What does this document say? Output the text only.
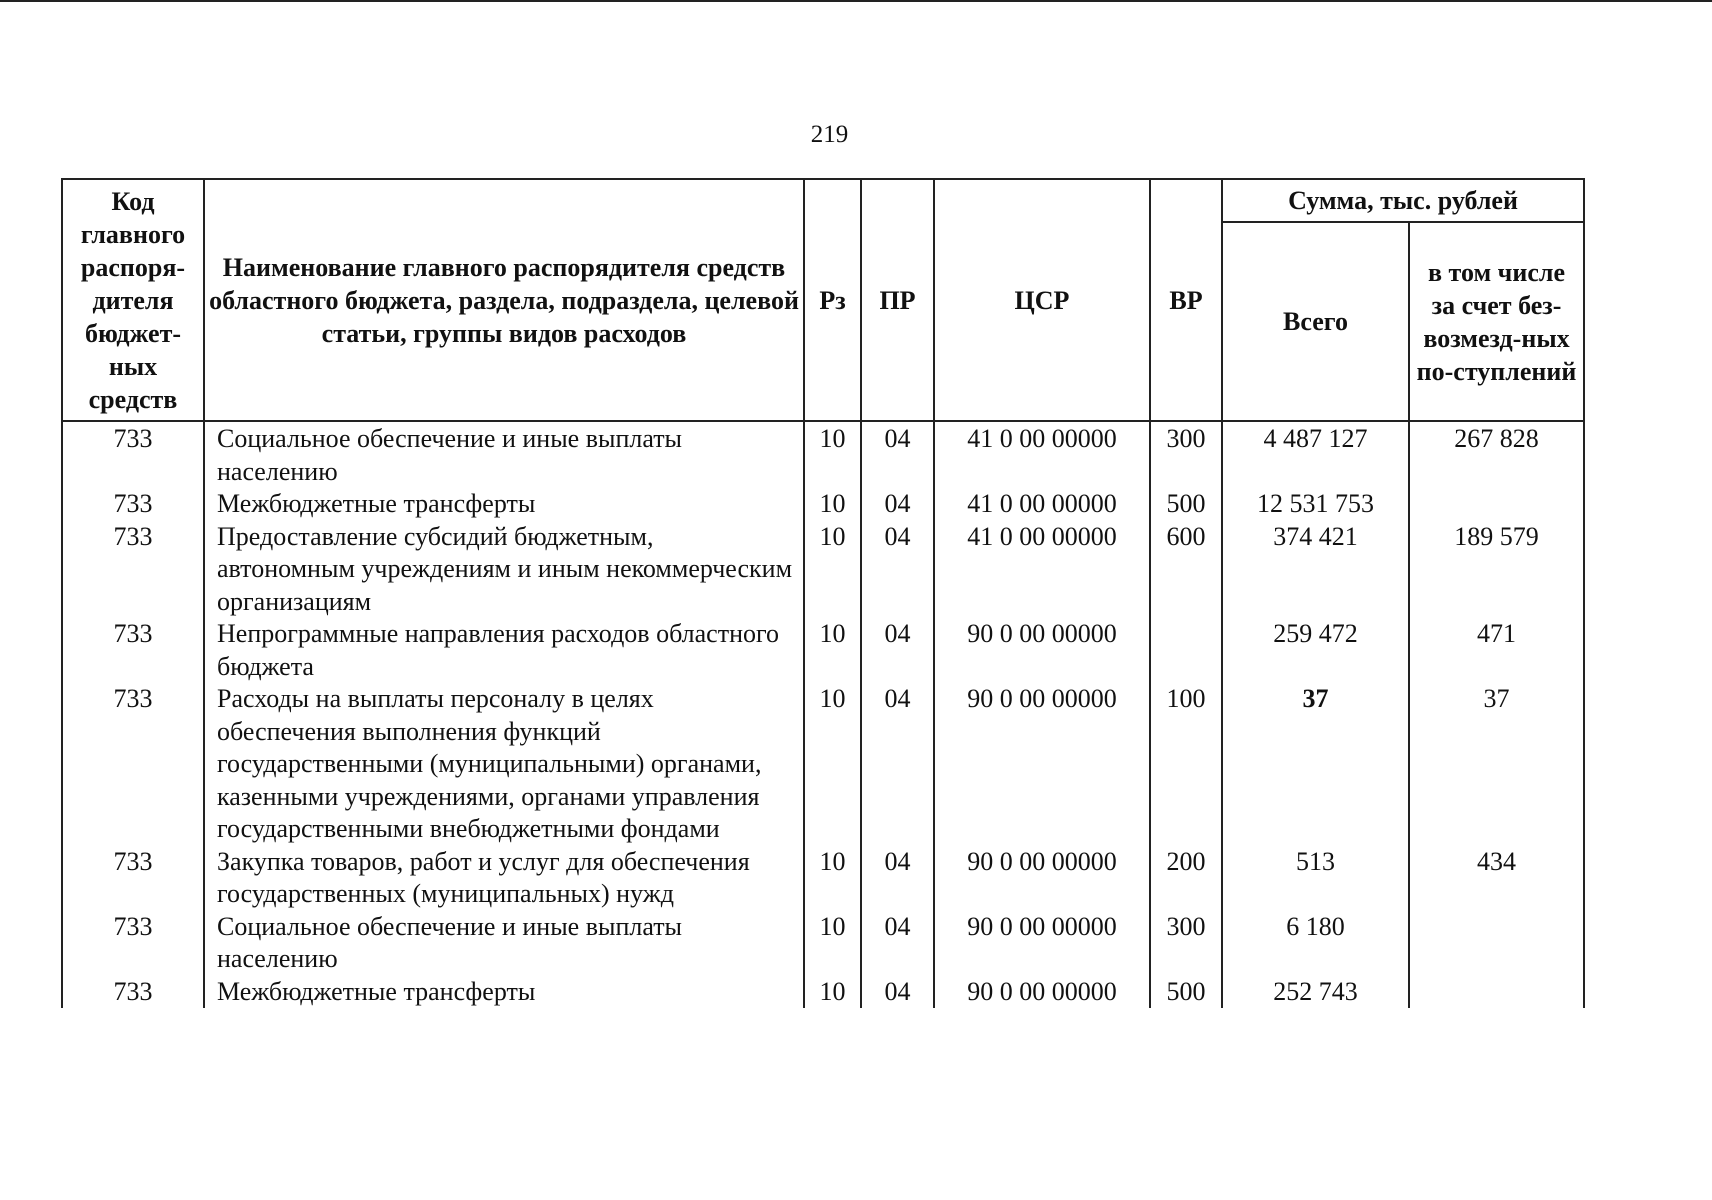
219
Код главного распоря-дителя бюджет-ных средств	Наименование главного распорядителя средств областного бюджета, раздела, подраздела, целевой статьи, группы видов расходов	Рз	ПР	ЦСР	ВР	Сумма, тыс. рублей	
						Всего	в том числе за счет без-возмезд-ных по-ступлений
733	Социальное обеспечение и иные выплаты населению	10	04	41 0 00 00000	300	4 487 127	267 828
733	Межбюджетные трансферты	10	04	41 0 00 00000	500	12 531 753	
733	Предоставление субсидий бюджетным, автономным учреждениям и иным некоммерческим организациям	10	04	41 0 00 00000	600	374 421	189 579
733	Непрограммные направления расходов областного бюджета	10	04	90 0 00 00000		259 472	471
733	Расходы на выплаты персоналу в целях обеспечения выполнения функций государственными (муниципальными) органами, казенными учреждениями, органами управления государственными внебюджетными фондами	10	04	90 0 00 00000	100	37	37
733	Закупка товаров, работ и услуг для обеспечения государственных (муниципальных) нужд	10	04	90 0 00 00000	200	513	434
733	Социальное обеспечение и иные выплаты населению	10	04	90 0 00 00000	300	6 180	
733	Межбюджетные трансферты	10	04	90 0 00 00000	500	252 743	
